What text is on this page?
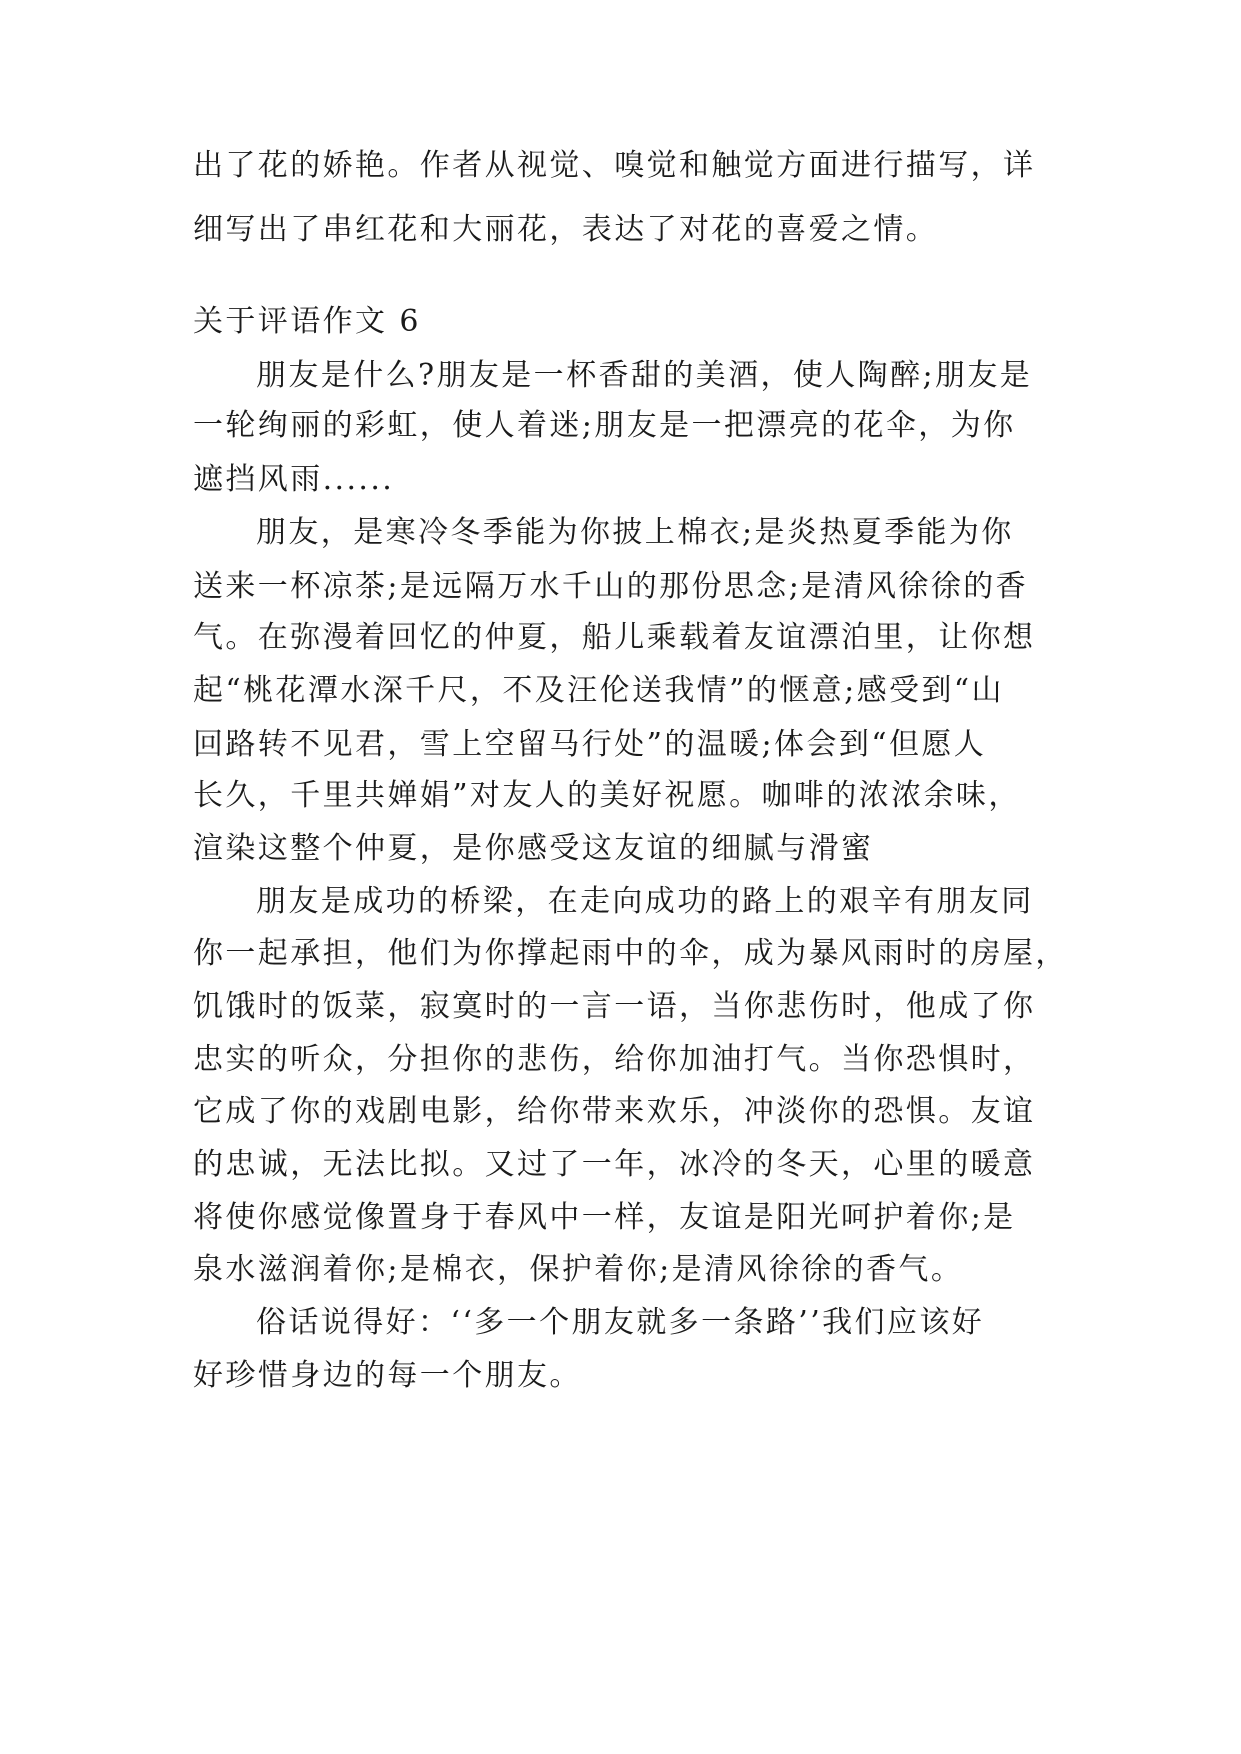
出了花的娇艳。作者从视觉、嗅觉和触觉方面进行描写，详
细写出了串红花和大丽花，表达了对花的喜爱之情。
关于评语作文 6
朋友是什么?朋友是一杯香甜的美酒，使人陶醉;朋友是
一轮绚丽的彩虹，使人着迷;朋友是一把漂亮的花伞，为你
遮挡风雨......
朋友，是寒冷冬季能为你披上棉衣;是炎热夏季能为你
送来一杯凉茶;是远隔万水千山的那份思念;是清风徐徐的香
气。在弥漫着回忆的仲夏，船儿乘载着友谊漂泊里，让你想
起“桃花潭水深千尺，不及汪伦送我情”的惬意;感受到“山
回路转不见君，雪上空留马行处”的温暖;体会到“但愿人
长久，千里共婵娟”对友人的美好祝愿。咖啡的浓浓余味，
渲染这整个仲夏，是你感受这友谊的细腻与滑蜜
朋友是成功的桥梁，在走向成功的路上的艰辛有朋友同
你一起承担，他们为你撑起雨中的伞，成为暴风雨时的房屋，
饥饿时的饭菜，寂寞时的一言一语，当你悲伤时，他成了你
忠实的听众，分担你的悲伤，给你加油打气。当你恐惧时，
它成了你的戏剧电影，给你带来欢乐，冲淡你的恐惧。友谊
的忠诚，无法比拟。又过了一年，冰冷的冬天，心里的暖意
将使你感觉像置身于春风中一样，友谊是阳光呵护着你;是
泉水滋润着你;是棉衣，保护着你;是清风徐徐的香气。
俗话说得好：‘‘多一个朋友就多一条路’’我们应该好
好珍惜身边的每一个朋友。
